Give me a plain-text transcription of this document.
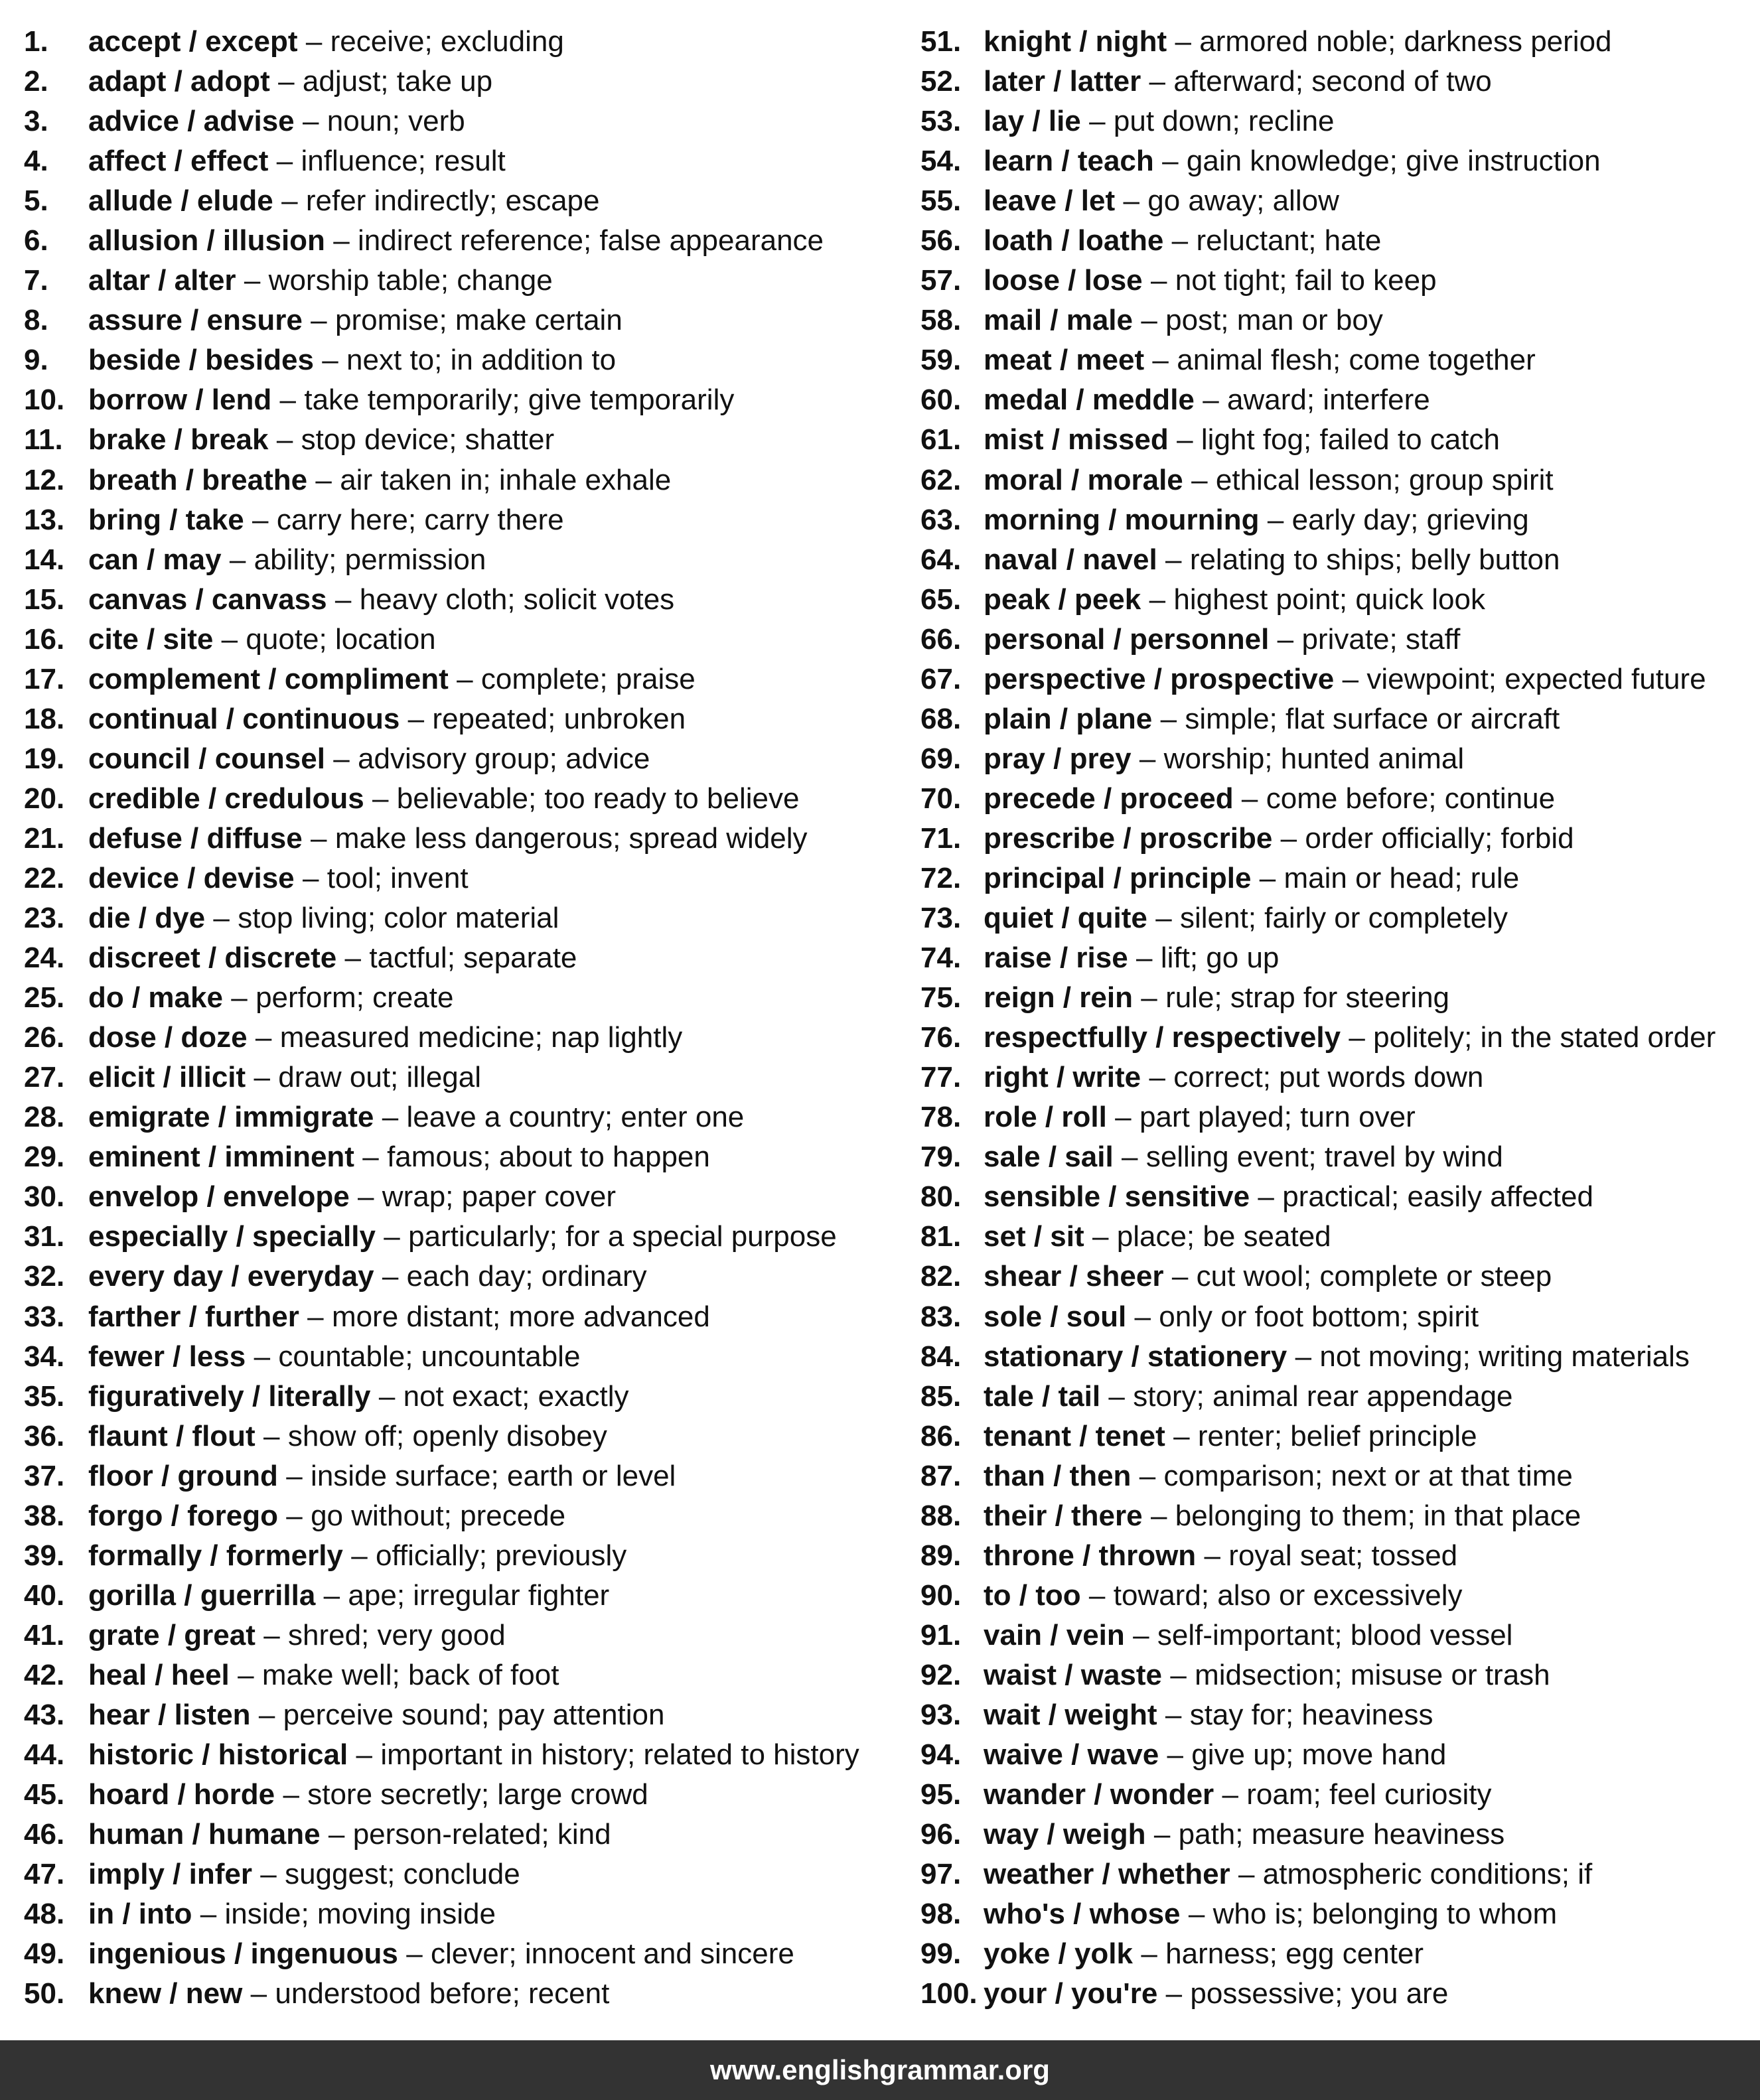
1.	accept / except – receive; excluding
2.	adapt / adopt – adjust; take up
3.	advice / advise – noun; verb
4.	affect / effect – influence; result
5.	allude / elude – refer indirectly; escape
6.	allusion / illusion – indirect reference; false appearance
7.	altar / alter – worship table; change
8.	assure / ensure – promise; make certain
9.	beside / besides – next to; in addition to
10. borrow / lend – take temporarily; give temporarily
11. brake / break – stop device; shatter
12. breath / breathe – air taken in; inhale exhale
13. bring / take – carry here; carry there
14. can / may – ability; permission
15. canvas / canvass – heavy cloth; solicit votes
16. cite / site – quote; location
17. complement / compliment – complete; praise
18. continual / continuous – repeated; unbroken
19. council / counsel – advisory group; advice
20. credible / credulous – believable; too ready to believe
21. defuse / diffuse – make less dangerous; spread widely
22. device / devise – tool; invent
23. die / dye – stop living; color material
24. discreet / discrete – tactful; separate
25. do / make – perform; create
26. dose / doze – measured medicine; nap lightly
27. elicit / illicit – draw out; illegal
28. emigrate / immigrate – leave a country; enter one
29. eminent / imminent – famous; about to happen
30. envelop / envelope – wrap; paper cover
31. especially / specially – particularly; for a special purpose
32. every day / everyday – each day; ordinary
33. farther / further – more distant; more advanced
34. fewer / less – countable; uncountable
35. figuratively / literally – not exact; exactly
36. flaunt / flout – show off; openly disobey
37. floor / ground – inside surface; earth or level
38. forgo / forego – go without; precede
39. formally / formerly – officially; previously
40. gorilla / guerrilla – ape; irregular fighter
41. grate / great – shred; very good
42. heal / heel – make well; back of foot
43. hear / listen – perceive sound; pay attention
44. historic / historical – important in history; related to history
45. hoard / horde – store secretly; large crowd
46. human / humane – person-related; kind
47. imply / infer – suggest; conclude
48. in / into – inside; moving inside
49. ingenious / ingenuous – clever; innocent and sincere
50. knew / new – understood before; recent
51. knight / night – armored noble; darkness period
52. later / latter – afterward; second of two
53. lay / lie – put down; recline
54. learn / teach – gain knowledge; give instruction
55. leave / let – go away; allow
56. loath / loathe – reluctant; hate
57. loose / lose – not tight; fail to keep
58. mail / male – post; man or boy
59. meat / meet – animal flesh; come together
60. medal / meddle – award; interfere
61. mist / missed – light fog; failed to catch
62. moral / morale – ethical lesson; group spirit
63. morning / mourning – early day; grieving
64. naval / navel – relating to ships; belly button
65. peak / peek – highest point; quick look
66. personal / personnel – private; staff
67. perspective / prospective – viewpoint; expected future
68. plain / plane – simple; flat surface or aircraft
69. pray / prey – worship; hunted animal
70. precede / proceed – come before; continue
71. prescribe / proscribe – order officially; forbid
72. principal / principle – main or head; rule
73. quiet / quite – silent; fairly or completely
74. raise / rise – lift; go up
75. reign / rein – rule; strap for steering
76. respectfully / respectively – politely; in the stated order
77. right / write – correct; put words down
78. role / roll – part played; turn over
79. sale / sail – selling event; travel by wind
80. sensible / sensitive – practical; easily affected
81. set / sit – place; be seated
82. shear / sheer – cut wool; complete or steep
83. sole / soul – only or foot bottom; spirit
84. stationary / stationery – not moving; writing materials
85. tale / tail – story; animal rear appendage
86. tenant / tenet – renter; belief principle
87. than / then – comparison; next or at that time
88. their / there – belonging to them; in that place
89. throne / thrown – royal seat; tossed
90. to / too – toward; also or excessively
91. vain / vein – self-important; blood vessel
92. waist / waste – midsection; misuse or trash
93. wait / weight – stay for; heaviness
94. waive / wave – give up; move hand
95. wander / wonder – roam; feel curiosity
96. way / weigh – path; measure heaviness
97. weather / whether – atmospheric conditions; if
98. who's / whose – who is; belonging to whom
99. yoke / yolk – harness; egg center
100. your / you're – possessive; you are
www.englishgrammar.org
